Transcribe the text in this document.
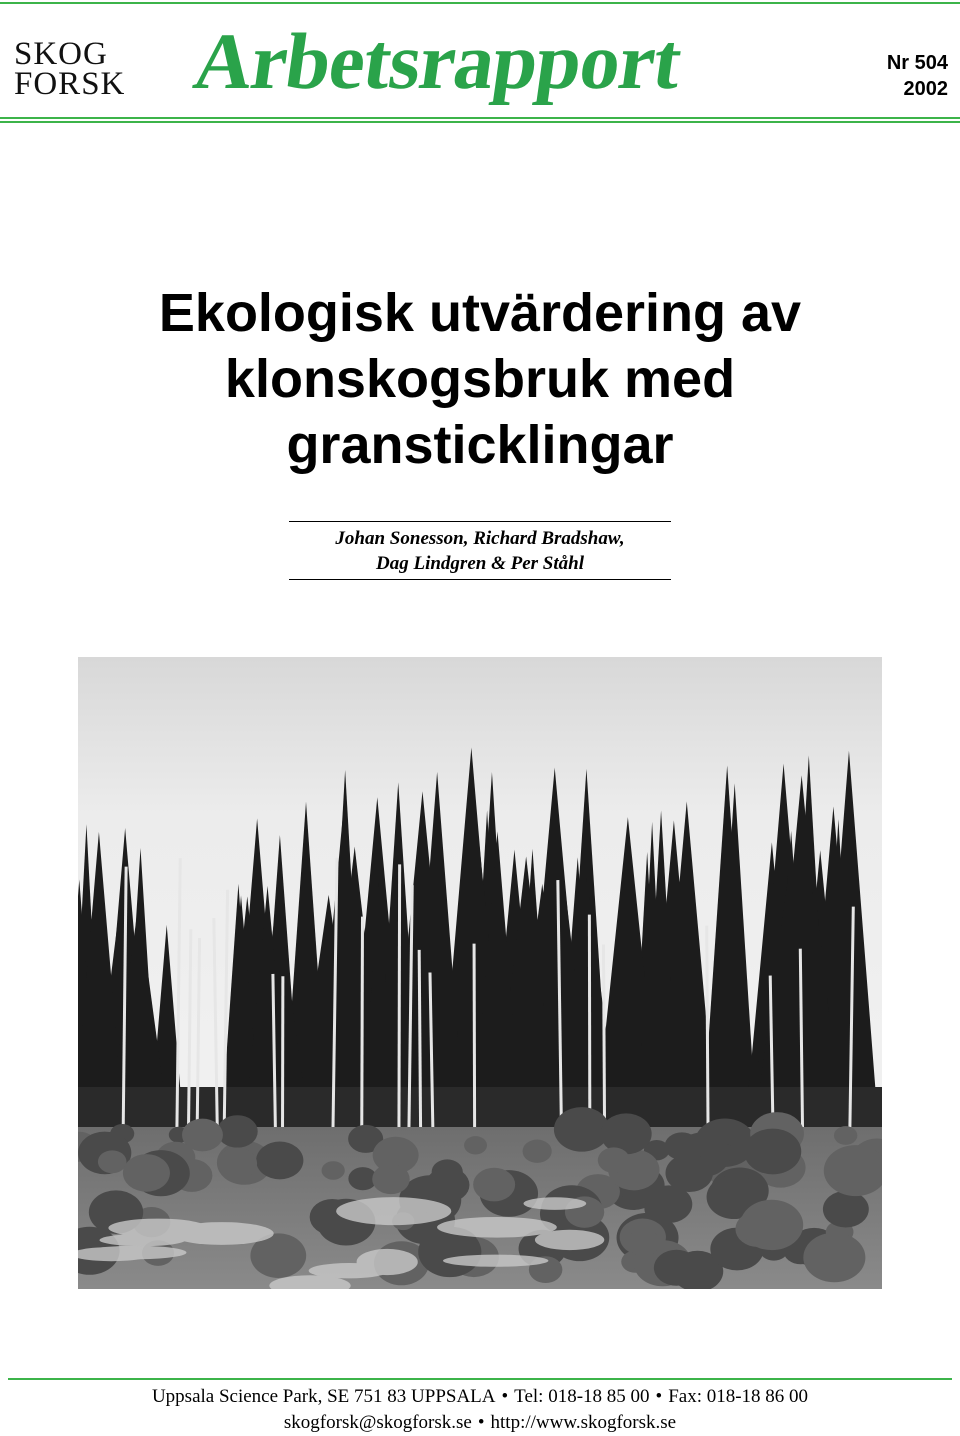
SKOG
FORSK Arbetsrapport	Nr 504
2002
Ekologisk utvärdering av
klonskogsbruk med
gransticklingar
Johan Sonesson, Richard Bradshaw,
Dag Lindgren & Per Ståhl
Uppsala Science Park, SE 751 83 UPPSALA • Tel: 018-18 85 00 • Fax: 018-18 86 00
skogforsk@skogforsk.se • http://www.skogforsk.se
